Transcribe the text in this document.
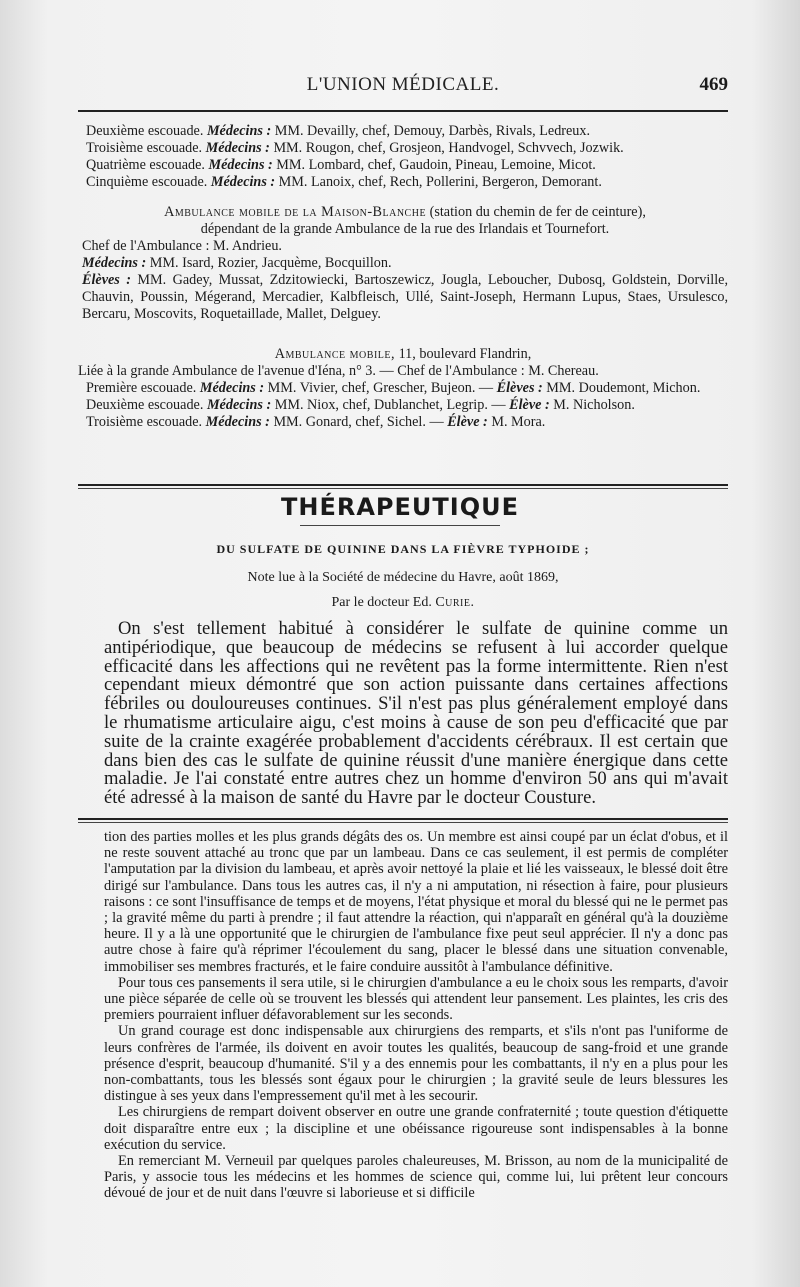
L'UNION MÉDICALE.	469

Deuxième escouade. Médecins : MM. Devailly, chef, Demouy, Darbès, Rivals, Ledreux.

Troisième escouade. Médecins : MM. Rougon, chef, Grosjeon, Handvogel, Schvvech, Jozwik.

Quatrième escouade. Médecins : MM. Lombard, chef, Gaudoin, Pineau, Lemoine, Micot.

Cinquième escouade. Médecins : MM. Lanoix, chef, Rech, Pollerini, Bergeron, Demorant.

Ambulance mobile de la Maison-Blanche (station du chemin de fer de ceinture),

dépendant de la grande Ambulance de la rue des Irlandais et Tournefort.

Chef de l'Ambulance : M. Andrieu.

Médecins : MM. Isard, Rozier, Jacquème, Bocquillon.

Élèves : MM. Gadey, Mussat, Zdzitowiecki, Bartoszewicz, Jougla, Leboucher, Dubosq, Goldstein, Dorville, Chauvin, Poussin, Mégerand, Mercadier, Kalbfleisch, Ullé, Saint-Joseph, Hermann Lupus, Staes, Ursulesco, Bercaru, Moscovits, Roquetaillade, Mallet, Delguey.

Ambulance mobile, 11, boulevard Flandrin,

Liée à la grande Ambulance de l'avenue d'Iéna, n° 3. — Chef de l'Ambulance : M. Chereau.

Première escouade. Médecins : MM. Vivier, chef, Grescher, Bujeon. — Élèves : MM. Doudemont, Michon.

Deuxième escouade. Médecins : MM. Niox, chef, Dublanchet, Legrip. — Élève : M. Nicholson.

Troisième escouade. Médecins : MM. Gonard, chef, Sichel. — Élève : M. Mora.

THÉRAPEUTIQUE
DU SULFATE DE QUININE DANS LA FIÈVRE TYPHOIDE ;
Note lue à la Société de médecine du Havre, août 1869,
Par le docteur Ed. Curie.
On s'est tellement habitué à considérer le sulfate de quinine comme un antipériodique, que beaucoup de médecins se refusent à lui accorder quelque efficacité dans les affections qui ne revêtent pas la forme intermittente. Rien n'est cependant mieux démontré que son action puissante dans certaines affections fébriles ou douloureuses continues. S'il n'est pas plus généralement employé dans le rhumatisme articulaire aigu, c'est moins à cause de son peu d'efficacité que par suite de la crainte exagérée probablement d'accidents cérébraux. Il est certain que dans bien des cas le sulfate de quinine réussit d'une manière énergique dans cette maladie. Je l'ai constaté entre autres chez un homme d'environ 50 ans qui m'avait été adressé à la maison de santé du Havre par le docteur Cousture.

tion des parties molles et les plus grands dégâts des os. Un membre est ainsi coupé par un éclat d'obus, et il ne reste souvent attaché au tronc que par un lambeau. Dans ce cas seulement, il est permis de compléter l'amputation par la division du lambeau, et après avoir nettoyé la plaie et lié les vaisseaux, le blessé doit être dirigé sur l'ambulance. Dans tous les autres cas, il n'y a ni amputation, ni résection à faire, pour plusieurs raisons : ce sont l'insuffisance de temps et de moyens, l'état physique et moral du blessé qui ne le permet pas ; la gravité même du parti à prendre ; il faut attendre la réaction, qui n'apparaît en général qu'à la douzième heure. Il y a là une opportunité que le chirurgien de l'ambulance fixe peut seul apprécier. Il n'y a donc pas autre chose à faire qu'à réprimer l'écoulement du sang, placer le blessé dans une situation convenable, immobiliser ses membres fracturés, et le faire conduire aussitôt à l'ambulance définitive.

Pour tous ces pansements il sera utile, si le chirurgien d'ambulance a eu le choix sous les remparts, d'avoir une pièce séparée de celle où se trouvent les blessés qui attendent leur pansement. Les plaintes, les cris des premiers pourraient influer défavorablement sur les seconds.

Un grand courage est donc indispensable aux chirurgiens des remparts, et s'ils n'ont pas l'uniforme de leurs confrères de l'armée, ils doivent en avoir toutes les qualités, beaucoup de sang-froid et une grande présence d'esprit, beaucoup d'humanité. S'il y a des ennemis pour les combattants, il n'y en a plus pour les non-combattants, tous les blessés sont égaux pour le chirurgien ; la gravité seule de leurs blessures les distingue à ses yeux dans l'empressement qu'il met à les secourir.

Les chirurgiens de rempart doivent observer en outre une grande confraternité ; toute question d'étiquette doit disparaître entre eux ; la discipline et une obéissance rigoureuse sont indispensables à la bonne exécution du service.

En remerciant M. Verneuil par quelques paroles chaleureuses, M. Brisson, au nom de la municipalité de Paris, y associe tous les médecins et les hommes de science qui, comme lui, lui prêtent leur concours dévoué de jour et de nuit dans l'œuvre si laborieuse et si difficile
